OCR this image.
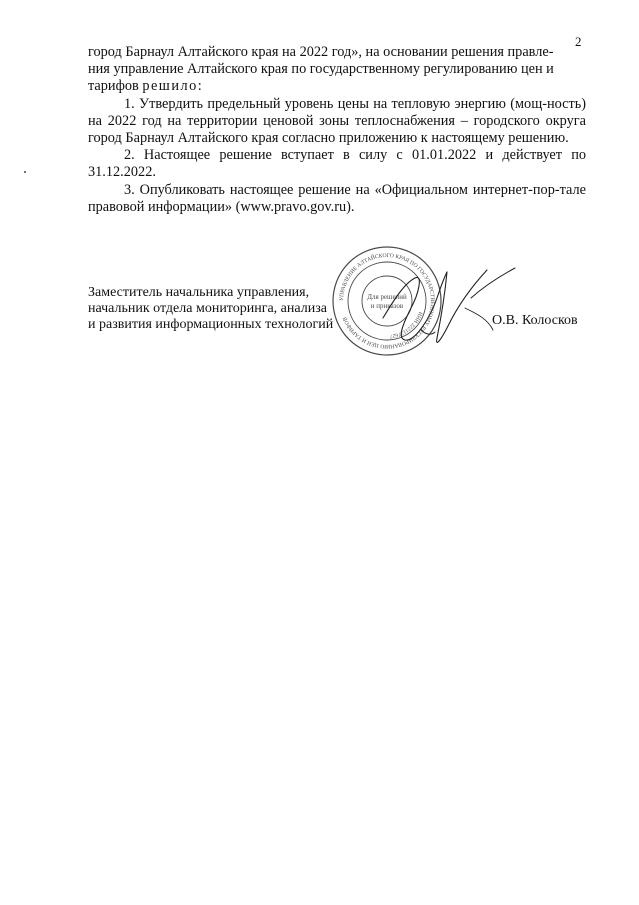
2

город Барнаул Алтайского края на 2022 год», на основании решения правле-

ния управление Алтайского края по государственному регулированию цен и

тарифов решило:

1. Утвердить предельный уровень цены на тепловую энергию (мощ-ность) на 2022 год на территории ценовой зоны теплоснабжения – городского округа город Барнаул Алтайского края согласно приложению к настоящему решению.

2. Настоящее решение вступает в силу с 01.01.2022 и действует по 31.12.2022.

3. Опубликовать настоящее решение на «Официальном интернет-пор-тале правовой информации» (www.pravo.gov.ru).

Заместитель начальника управления,
начальник отдела мониторинга, анализа
и развития информационных технологий	О.В. Колосков
УПРАВЛЕНИЕ АЛТАЙСКОГО КРАЯ ПО ГОСУДАРСТВЕННОМУ РЕГУЛИРОВАНИЮ ЦЕН И ТАРИФОВ
ИНН 2221127627
Для решений
и приказов
